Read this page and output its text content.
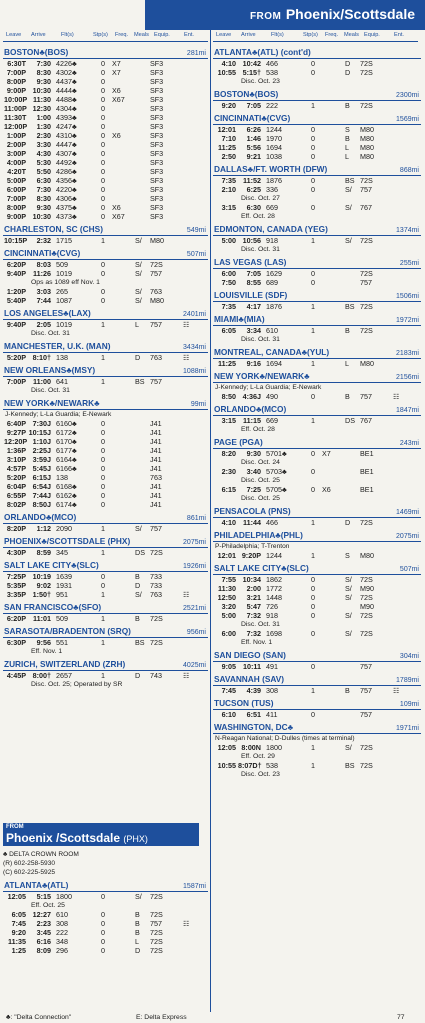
FROM Phoenix/Scottsdale
Leave Arrive	Flt(s)	Stp(s) Freq. Meals Equip.	Ent.	Leave Arrive	Flt(s)	Stp(s) Freq. Meals Equip.	Ent.
BOSTON♣(BOS)	281mi
6:30T	7:30 4226♣	0 X7	SF3
7:00P	8:30 4302♣	0 X7	SF3
8:00P	9:30 4437♣	0	SF3
9:00P 10:30 4444♣	0 X6	SF3
10:00P 11:30 4488♣	0 X67	SF3
11:00P 12:30 4304♣	0	SF3
11:30T	1:00 4393♣	0	SF3
12:00P	1:30 4247♣	0	SF3
1:00P	2:30 4310♣	0 X6	SF3
2:00P	3:30 4447♣	0	SF3
3:00P	4:30 4307♣	0	SF3
4:00P	5:30 4492♣	0	SF3
4:20T	5:50 4286♣	0	SF3
5:00P	6:30 4356♣	0	SF3
6:00P	7:30 4220♣	0	SF3
7:00P	8:30 4306♣	0	SF3
8:00P	9:30 4375♣	0 X6	SF3
9:00P 10:30 4373♣	0 X67	SF3
CHARLESTON, SC (CHS)	549mi
10:15P	2:32 1715	1	S/	M80
CINCINNATI♣(CVG)	507mi
6:20P	8:03 509	0	S/	72S
9:40P 11:26 1019	0	S/	757
Ops as 1089 eff Nov. 1
1:20P	3:03 265	0	S/	763
5:40P	7:44 1087	0	S/	M80
LOS ANGELES♣(LAX)	2401mi
9:40P	2:05 1019	1	L	757	☷
Disc. Oct. 31
MANCHESTER, U.K. (MAN)	3434mi
5:20P 8:10† 138	1	D	763	☷
NEW ORLEANS♣(MSY)	1088mi
7:00P 11:00 641	1	BS 757
Disc. Oct. 31
NEW YORK♣/NEWARK♣	99mi
J-Kennedy; L-La Guardia; E-Newark
6:40P 7:30J 6160♣	0	J41
9:27P 10:15J 6172♣	0	J41
12:20P 1:10J 6170♣	0	J41
1:36P 2:25J 6177♣	0	J41
3:10P 3:59J 6164♣	0	J41
4:57P 5:45J 6166♣	0	J41
5:20P 6:15J 138	0	763
6:04P 6:54J 6168♣	0	J41
6:55P 7:44J 6162♣	0	J41
8:02P 8:50J 6174♣	0	J41
ORLANDO♣(MCO)	861mi
8:20P	1:12 2090	1	S/	757
PHOENIX♣/SCOTTSDALE (PHX)	2075mi
4:30P	8:59 345	1	DS 72S
SALT LAKE CITY♣(SLC)	1926mi
7:25P 10:19 1639	0	B	733
5:35P	9:02 1931	0	D	733
3:35P 1:50† 951	1	S/	763	☷
SAN FRANCISCO♣(SFO)	2521mi
6:20P 11:01 509	1	B	72S
SARASOTA/BRADENTON (SRQ)	956mi
6:30P	9:56 551	1	BS 72S
Eff. Nov. 1
ZURICH, SWITZERLAND (ZRH)	4025mi
4:45P 8:00† 2657	1	D	743	☷
Disc. Oct. 25; Operated by SR
FROM
Phoenix /Scottsdale (PHX)
♣ DELTA CROWN ROOM
(R) 602-258-5930
(C) 602-225-5925
ATLANTA♣(ATL)	1587mi
12:05	5:15 1800	0	S/	72S
Eff. Oct. 25
6:05 12:27 610	0	B	72S
7:45	2:23 308	0	B	757	☷
9:20	3:45 222	0	B	72S
11:35	6:16 348	0	L	72S
1:25	8:09 296	0	D	72S
ATLANTA♣(ATL) (cont'd)
4:10 10:42 466	0	D	72S
10:55 5:15† 538	0	D	72S
Disc. Oct. 23
BOSTON♣(BOS)	2300mi
9:20	7:05 222	1	B	72S
CINCINNATI♣(CVG)	1569mi
12:01	6:26 1244	0	S	M80
7:10	1:46 1970	0	B	M80
11:25	5:56 1694	0	L	M80
2:50	9:21 1038	0	L	M80
DALLAS♣/FT. WORTH (DFW)	868mi
7:35 11:52 1876	0	BS 72S
2:10	6:25 336	0	S/	757
Disc. Oct. 27
3:15	6:30 669	0	S/	767
Eff. Oct. 28
EDMONTON, CANADA (YEG)	1374mi
5:00 10:56 918	1	S/	72S
Disc. Oct. 31
LAS VEGAS (LAS)	255mi
6:00	7:05 1629	0	72S
7:50	8:55 689	0	757
LOUISVILLE (SDF)	1506mi
7:35	4:17 1876	1	BS 72S
MIAMI♣(MIA)	1972mi
6:05	3:34 610	1	B	72S
Disc. Oct. 31
MONTREAL, CANADA♣(YUL)	2183mi
11:25	9:16 1694	1	L	M80
NEW YORK♣/NEWARK♣	2156mi
J-Kennedy; L-La Guardia; E-Newark
8:50 4:36J 490	0	B	757	☷
ORLANDO♣(MCO)	1847mi
3:15 11:15 669	1	DS 767
Eff. Oct. 28
PAGE (PGA)	243mi
8:20	9:30 5701♣	0 X7	BE1
Disc. Oct. 24
2:30	3:40 5703♣	0	BE1
Disc. Oct. 25
6:15	7:25 5705♣	0 X6	BE1
Disc. Oct. 25
PENSACOLA (PNS)	1469mi
4:10 11:44 466	1	D	72S
PHILADELPHIA♣(PHL)	2075mi
P-Philadelphia; T-Trenton
12:01 9:20P 1244	1	S	M80
SALT LAKE CITY♣(SLC)	507mi
7:55 10:34 1862	0	S/	72S
11:30	2:00 1772	0	S/	M90
12:50	3:21 1448	0	S/	72S
3:20	5:47 726	0	M90
5:00	7:32 918	0	S/	72S
Disc. Oct. 31
6:00	7:32 1698	0	S/	72S
Eff. Nov. 1
SAN DIEGO (SAN)	304mi
9:05 10:11 491	0	757
SAVANNAH (SAV)	1789mi
7:45	4:39 308	1	B	757	☷
TUCSON (TUS)	109mi
6:10	6:51 411	0	757
WASHINGTON, DC♣	1971mi
N-Reagan National; D-Dulles (times at terminal)
12:05 8:00N 1800	1	S/	72S
Eff. Oct. 29
10:55 8:07D† 538	1	BS 72S
Disc. Oct. 23
♣: "Delta Connection"	E: Delta Express	77
